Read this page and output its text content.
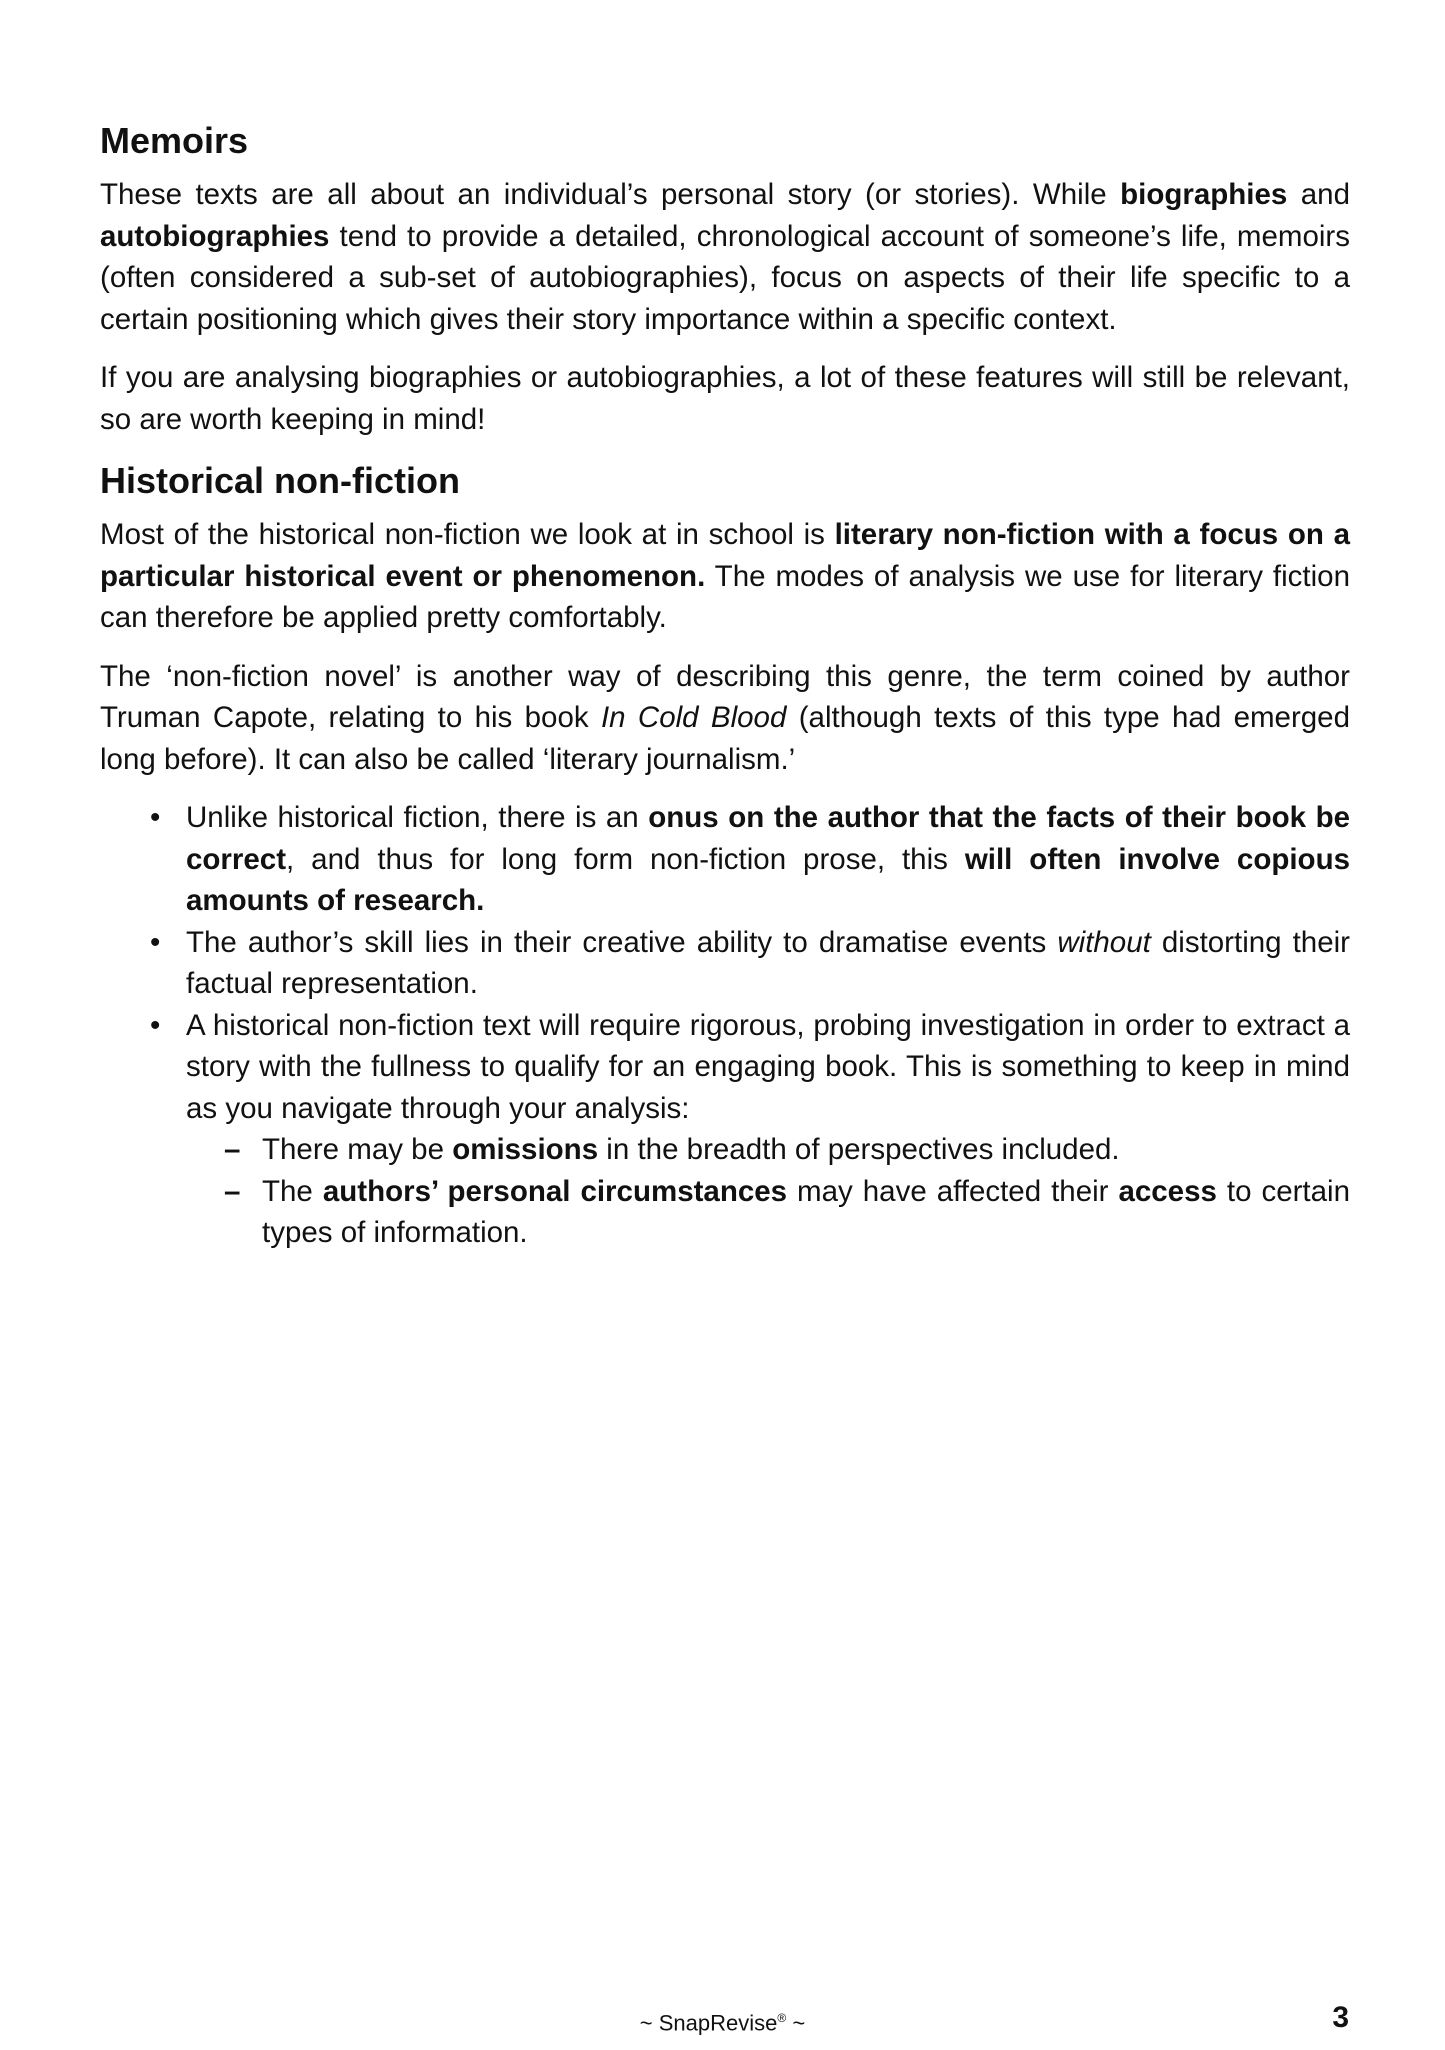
Memoirs

These texts are all about an individual’s personal story (or stories). While biographies and autobiographies tend to provide a detailed, chronological account of someone’s life, memoirs (often considered a sub-set of autobiographies), focus on aspects of their life specific to a certain positioning which gives their story importance within a specific context.

If you are analysing biographies or autobiographies, a lot of these features will still be relevant, so are worth keeping in mind!

Historical non-fiction

Most of the historical non-fiction we look at in school is literary non-fiction with a focus on a particular historical event or phenomenon. The modes of analysis we use for literary fiction can therefore be applied pretty comfortably.

The ‘non-fiction novel’ is another way of describing this genre, the term coined by author Truman Capote, relating to his book In Cold Blood (although texts of this type had emerged long before). It can also be called ‘literary journalism.’

• Unlike historical fiction, there is an onus on the author that the facts of their book be correct, and thus for long form non-fiction prose, this will often involve copious amounts of research.
• The author’s skill lies in their creative ability to dramatise events without distorting their factual representation.
• A historical non-fiction text will require rigorous, probing investigation in order to extract a story with the fullness to qualify for an engaging book. This is something to keep in mind as you navigate through your analysis:
– There may be omissions in the breadth of perspectives included.
– The authors’ personal circumstances may have affected their access to certain types of information.
~ SnapRevise® ~	3
